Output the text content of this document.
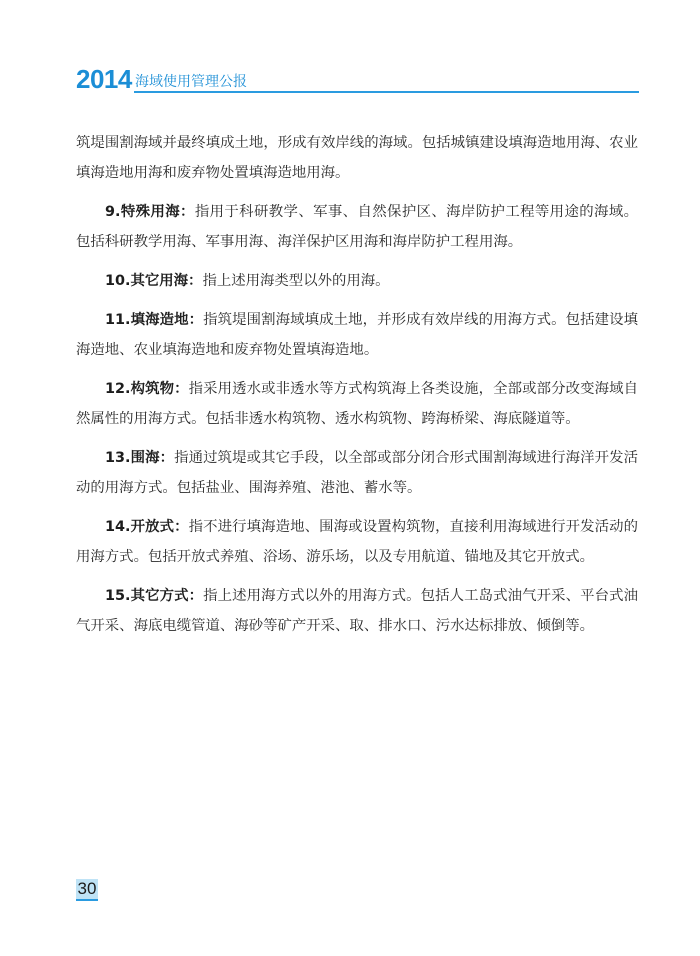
2014 海域使用管理公报

筑堤围割海域并最终填成土地，形成有效岸线的海域。包括城镇建设填海造地用海、农业填海造地用海和废弃物处置填海造地用海。

9.特殊用海：指用于科研教学、军事、自然保护区、海岸防护工程等用途的海域。包括科研教学用海、军事用海、海洋保护区用海和海岸防护工程用海。

10.其它用海：指上述用海类型以外的用海。

11.填海造地：指筑堤围割海域填成土地，并形成有效岸线的用海方式。包括建设填海造地、农业填海造地和废弃物处置填海造地。

12.构筑物：指采用透水或非透水等方式构筑海上各类设施，全部或部分改变海域自然属性的用海方式。包括非透水构筑物、透水构筑物、跨海桥梁、海底隧道等。

13.围海：指通过筑堤或其它手段，以全部或部分闭合形式围割海域进行海洋开发活动的用海方式。包括盐业、围海养殖、港池、蓄水等。

14.开放式：指不进行填海造地、围海或设置构筑物，直接利用海域进行开发活动的用海方式。包括开放式养殖、浴场、游乐场，以及专用航道、锚地及其它开放式。

15.其它方式：指上述用海方式以外的用海方式。包括人工岛式油气开采、平台式油气开采、海底电缆管道、海砂等矿产开采、取、排水口、污水达标排放、倾倒等。

30
